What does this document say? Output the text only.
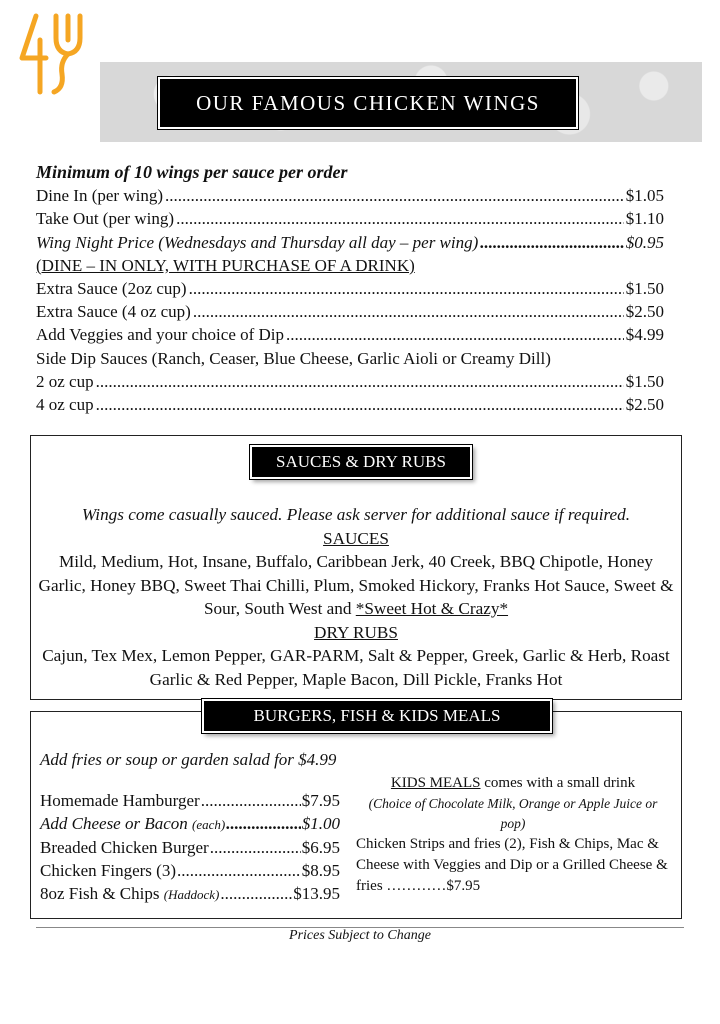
OUR FAMOUS CHICKEN WINGS
Minimum of 10 wings per sauce per order
Dine In (per wing) .....	$1.05
Take Out (per wing) .....	$1.10
Wing Night Price (Wednesdays and Thursday all day – per wing) .....	$0.95
(DINE – IN ONLY, WITH PURCHASE OF A DRINK)
Extra Sauce (2oz cup) .....	$1.50
Extra Sauce (4 oz cup) .....	$2.50
Add Veggies and your choice of Dip .....	$4.99
Side Dip Sauces (Ranch, Ceaser, Blue Cheese, Garlic Aioli or Creamy Dill)
2 oz cup .....	$1.50
4 oz cup .....	$2.50
SAUCES & DRY RUBS
Wings come casually sauced. Please ask server for additional sauce if required.
SAUCES
Mild, Medium, Hot, Insane, Buffalo, Caribbean Jerk, 40 Creek, BBQ Chipotle, Honey Garlic, Honey BBQ, Sweet Thai Chilli, Plum, Smoked Hickory, Franks Hot Sauce, Sweet & Sour, South West and *Sweet Hot & Crazy*
DRY RUBS
Cajun, Tex Mex, Lemon Pepper, GAR-PARM, Salt & Pepper, Greek, Garlic & Herb, Roast Garlic & Red Pepper, Maple Bacon, Dill Pickle, Franks Hot
BURGERS, FISH & KIDS MEALS
Add fries or soup or garden salad for $4.99
Homemade Hamburger .....	$7.95
Add Cheese or Bacon (each) .....	$1.00
Breaded Chicken Burger .....	$6.95
Chicken Fingers (3) .....	$8.95
8oz Fish & Chips (Haddock) .....	$13.95
KIDS MEALS comes with a small drink
(Choice of Chocolate Milk, Orange or Apple Juice or pop)
Chicken Strips and fries (2), Fish & Chips, Mac & Cheese with Veggies and Dip or a Grilled Cheese & fries …………$7.95
Prices Subject to Change
